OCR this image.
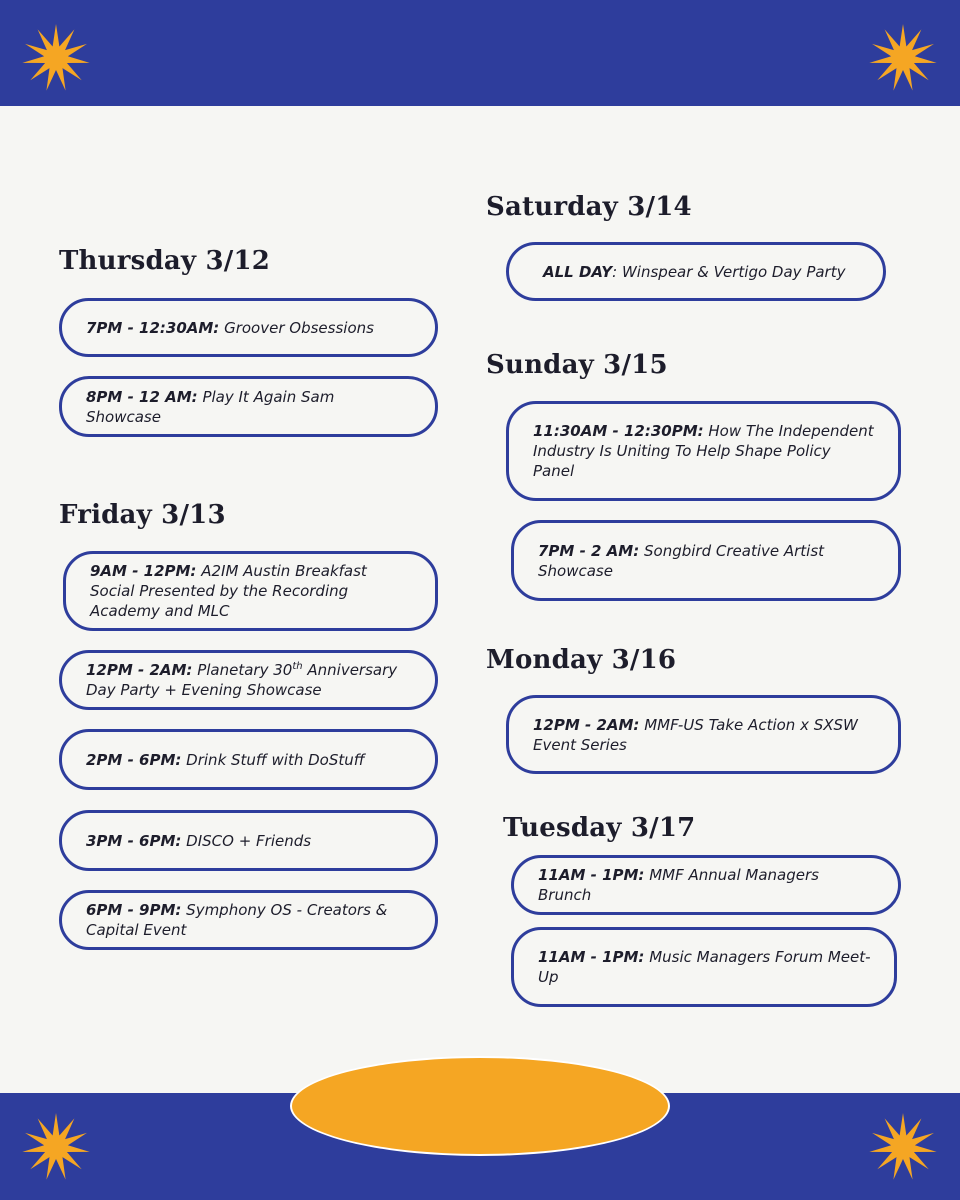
Thursday 3/12
7PM - 12:30AM: Groover Obsessions
8PM - 12 AM: Play It Again Sam Showcase
Friday 3/13
9AM - 12PM: A2IM Austin Breakfast Social Presented by the Recording Academy and MLC
12PM - 2AM: Planetary 30th Anniversary Day Party + Evening Showcase
2PM - 6PM: Drink Stuff with DoStuff
3PM - 6PM: DISCO + Friends
6PM - 9PM: Symphony OS - Creators & Capital Event
Saturday 3/14
ALL DAY: Winspear & Vertigo Day Party
Sunday 3/15
11:30AM - 12:30PM: How The Independent Industry Is Uniting To Help Shape Policy Panel
7PM - 2 AM: Songbird Creative Artist Showcase
Monday 3/16
12PM - 2AM: MMF-US Take Action x SXSW Event Series
Tuesday 3/17
11AM - 1PM: MMF Annual Managers Brunch
11AM - 1PM: Music Managers Forum Meet-Up
